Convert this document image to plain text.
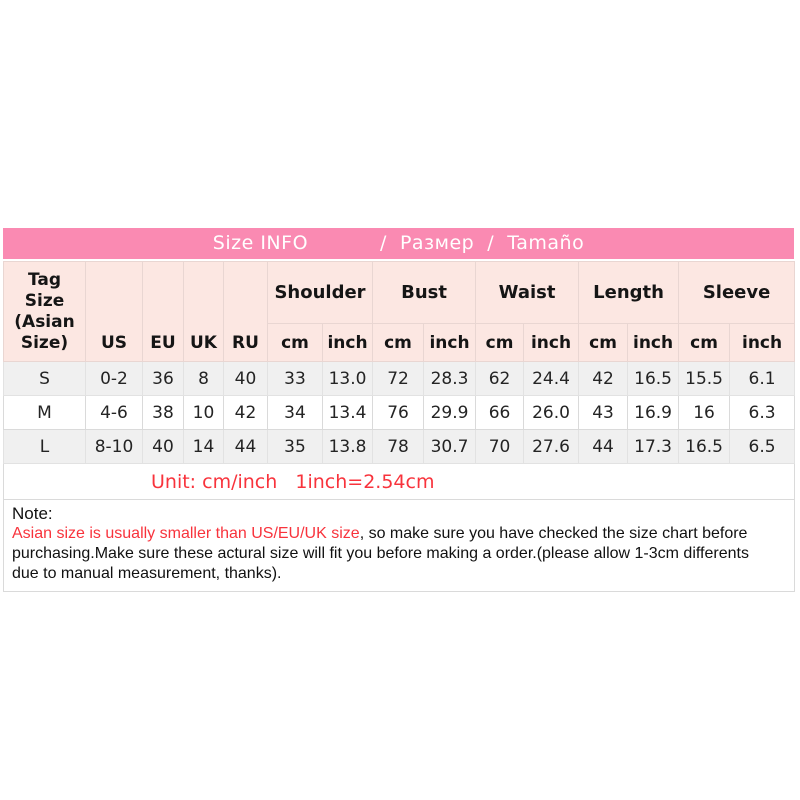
Size INFO           /  Размер  /  Tamaño
Tag Size (Asian Size)	US	EU	UK	RU	Shoulder		Bust		Waist		Length		Sleeve	
					cm	inch	cm	inch	cm	inch	cm	inch	cm	inch
S	0-2	36	8	40	33	13.0	72	28.3	62	24.4	42	16.5	15.5	6.1
M	4-6	38	10	42	34	13.4	76	29.9	66	26.0	43	16.9	16	6.3
L	8-10	40	14	44	35	13.8	78	30.7	70	27.6	44	17.3	16.5	6.5
Unit: cm/inch   1inch=2.54cm														

Note:
Asian size is usually smaller than US/EU/UK size, so make sure you have checked the size chart before
purchasing.Make sure these actural size will fit you before making a order.(please allow 1-3cm differents
due to manual measurement, thanks).														
